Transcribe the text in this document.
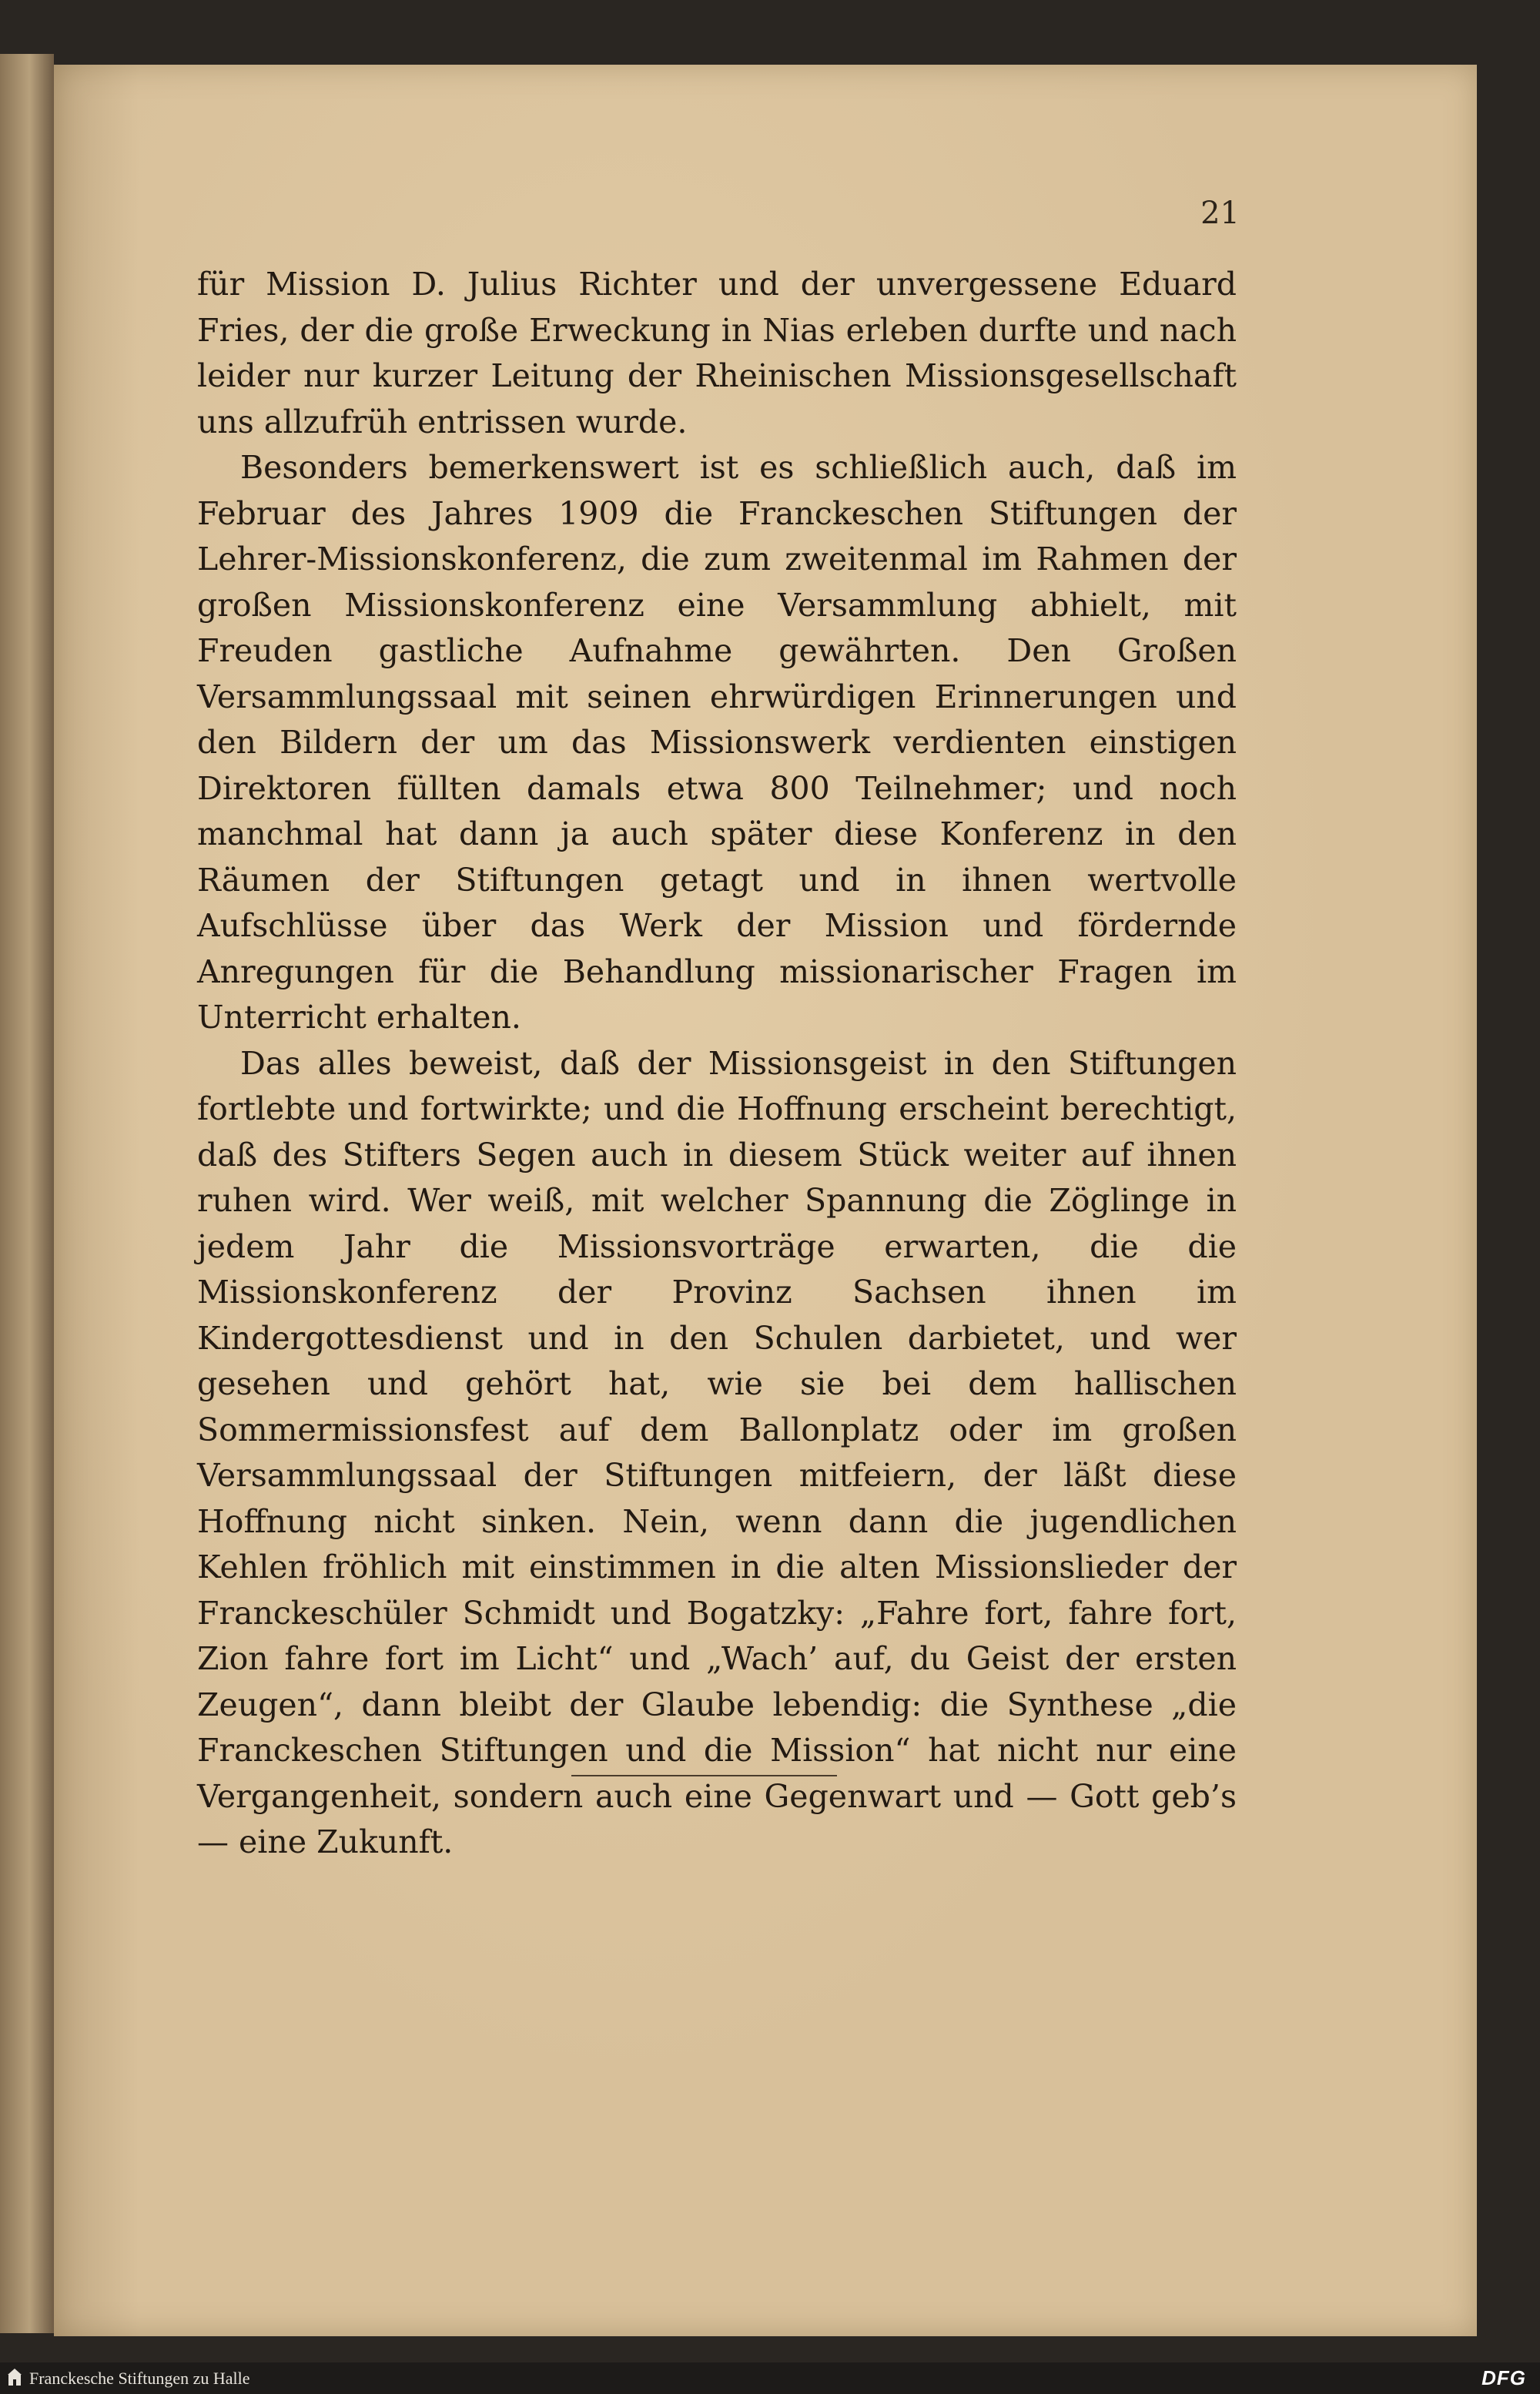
21

für Mission D. Julius Richter und der unvergessene Eduard Fries, der die große Erweckung in Nias erleben durfte und nach leider nur kurzer Leitung der Rheinischen Missionsgesellschaft uns allzufrüh entrissen wurde.

Besonders bemerkenswert ist es schließlich auch, daß im Februar des Jahres 1909 die Franckeschen Stiftungen der Lehrer-Missionskonferenz, die zum zweitenmal im Rahmen der großen Missionskonferenz eine Versammlung abhielt, mit Freuden gastliche Aufnahme gewährten. Den Großen Versammlungssaal mit seinen ehrwürdigen Erinnerungen und den Bildern der um das Missionswerk verdienten einstigen Direktoren füllten damals etwa 800 Teilnehmer; und noch manchmal hat dann ja auch später diese Konferenz in den Räumen der Stiftungen getagt und in ihnen wertvolle Aufschlüsse über das Werk der Mission und fördernde Anregungen für die Behandlung missionarischer Fragen im Unterricht erhalten.

Das alles beweist, daß der Missionsgeist in den Stiftungen fortlebte und fortwirkte; und die Hoffnung erscheint berechtigt, daß des Stifters Segen auch in diesem Stück weiter auf ihnen ruhen wird. Wer weiß, mit welcher Spannung die Zöglinge in jedem Jahr die Missionsvorträge erwarten, die die Missionskonferenz der Provinz Sachsen ihnen im Kindergottesdienst und in den Schulen darbietet, und wer gesehen und gehört hat, wie sie bei dem hallischen Sommermissionsfest auf dem Ballonplatz oder im großen Versammlungssaal der Stiftungen mitfeiern, der läßt diese Hoffnung nicht sinken. Nein, wenn dann die jugendlichen Kehlen fröhlich mit einstimmen in die alten Missionslieder der Franckeschüler Schmidt und Bogatzky: „Fahre fort, fahre fort, Zion fahre fort im Licht“ und „Wach’ auf, du Geist der ersten Zeugen“, dann bleibt der Glaube lebendig: die Synthese „die Franckeschen Stiftungen und die Mission“ hat nicht nur eine Vergangenheit, sondern auch eine Gegenwart und — Gott geb’s — eine Zukunft.

Franckesche Stiftungen zu Halle	DFG
